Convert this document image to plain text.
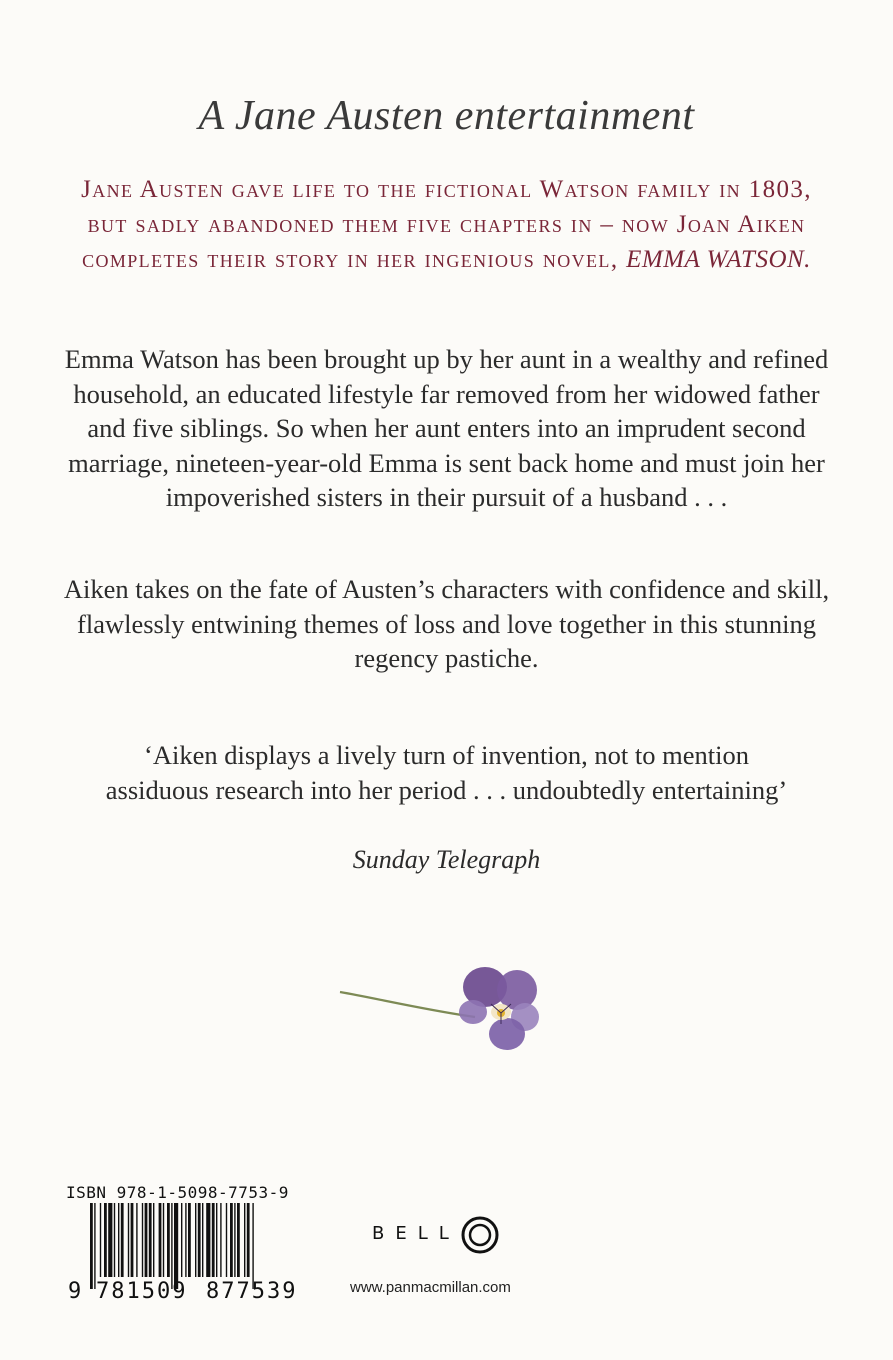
A Jane Austen entertainment
Jane Austen gave life to the fictional Watson family in 1803, but sadly abandoned them five chapters in – now Joan Aiken completes their story in her ingenious novel, EMMA WATSON.
Emma Watson has been brought up by her aunt in a wealthy and refined household, an educated lifestyle far removed from her widowed father and five siblings. So when her aunt enters into an imprudent second marriage, nineteen-year-old Emma is sent back home and must join her impoverished sisters in their pursuit of a husband . . .
Aiken takes on the fate of Austen’s characters with confidence and skill, flawlessly entwining themes of loss and love together in this stunning regency pastiche.
‘Aiken displays a lively turn of invention, not to mention assiduous research into her period . . . undoubtedly entertaining’
Sunday Telegraph
ISBN 978-1-5098-7753-9
9 781509 877539
BELL
www.panmacmillan.com
